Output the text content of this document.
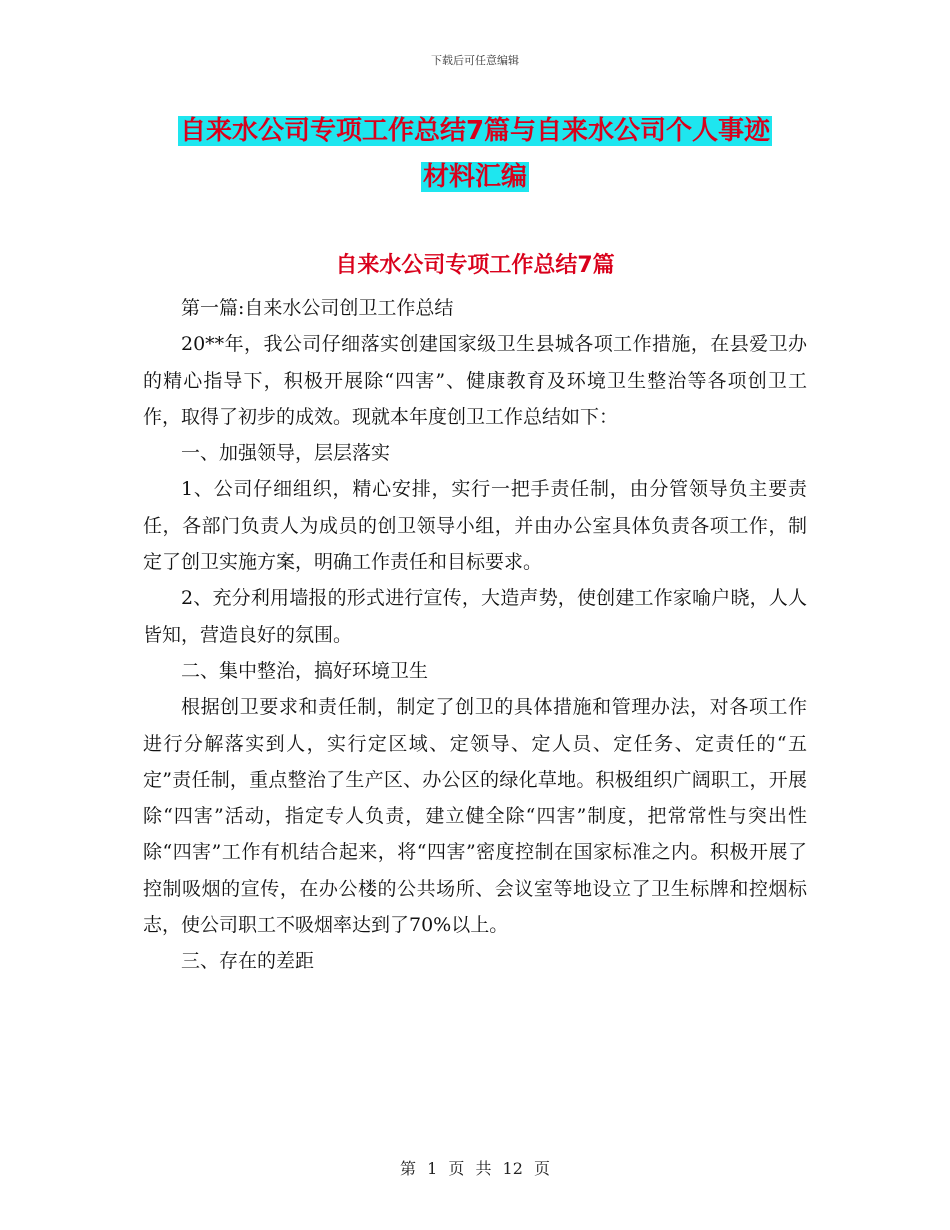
下载后可任意编辑
自来水公司专项工作总结7篇与自来水公司个人事迹
材料汇编
自来水公司专项工作总结7篇

第一篇:自来水公司创卫工作总结

20**年，我公司仔细落实创建国家级卫生县城各项工作措施，在县爱卫办的精心指导下，积极开展除“四害”、健康教育及环境卫生整治等各项创卫工作，取得了初步的成效。现就本年度创卫工作总结如下：

一、加强领导，层层落实

1、公司仔细组织，精心安排，实行一把手责任制，由分管领导负主要责任，各部门负责人为成员的创卫领导小组，并由办公室具体负责各项工作，制定了创卫实施方案，明确工作责任和目标要求。

2、充分利用墙报的形式进行宣传，大造声势，使创建工作家喻户晓，人人皆知，营造良好的氛围。

二、集中整治，搞好环境卫生

根据创卫要求和责任制，制定了创卫的具体措施和管理办法，对各项工作进行分解落实到人，实行定区域、定领导、定人员、定任务、定责任的“五定”责任制，重点整治了生产区、办公区的绿化草地。积极组织广阔职工，开展除“四害”活动，指定专人负责，建立健全除“四害”制度，把常常性与突出性除“四害”工作有机结合起来，将“四害”密度控制在国家标准之内。积极开展了控制吸烟的宣传，在办公楼的公共场所、会议室等地设立了卫生标牌和控烟标志，使公司职工不吸烟率达到了70%以上。

三、存在的差距

第 1 页 共 12 页
